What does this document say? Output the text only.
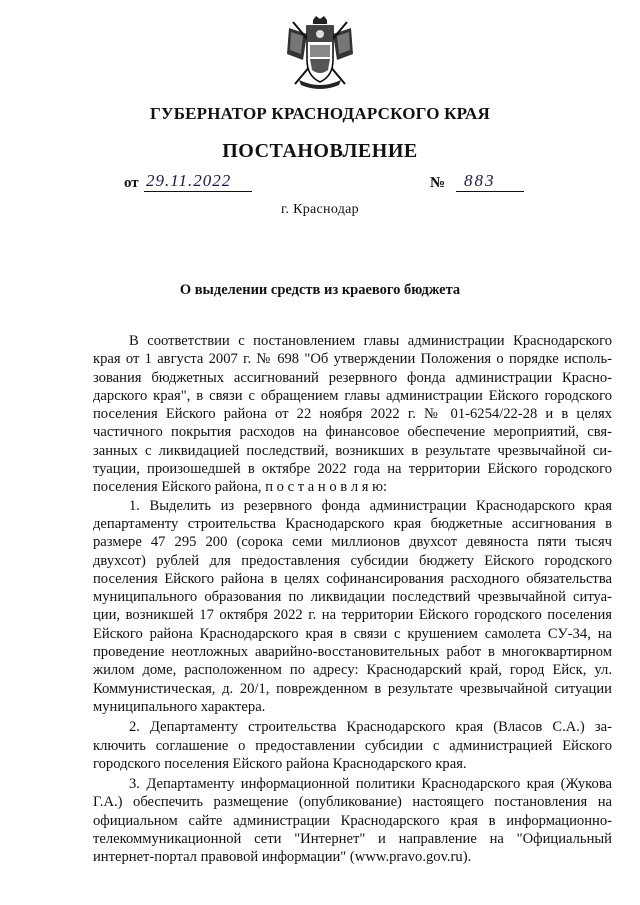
ГУБЕРНАТОР КРАСНОДАРСКОГО КРАЯ
ПОСТАНОВЛЕНИЕ
от 29.11.2022	№	883
г. Краснодар
О выделении средств из краевого бюджета

В соответствии с постановлением главы администрации Краснодарского края от 1 августа 2007 г. № 698 "Об утверждении Положения о порядке использования бюджетных ассигнований резервного фонда администрации Краснодарского края", в связи с обращением главы администрации Ейского городского поселения Ейского района от 22 ноября 2022 г. № 01-6254/22-28 и в целях частичного покрытия расходов на финансовое обеспечение мероприятий, связанных с ликвидацией последствий, возникших в результате чрезвычайной ситуации, произошедшей в октябре 2022 года на территории Ейского городского поселения Ейского района, п о с т а н о в л я ю:

1. Выделить из резервного фонда администрации Краснодарского края департаменту строительства Краснодарского края бюджетные ассигнования в размере 47 295 200 (сорока семи миллионов двухсот девяноста пяти тысяч двухсот) рублей для предоставления субсидии бюджету Ейского городского поселения Ейского района в целях софинансирования расходного обязательства муниципального образования по ликвидации последствий чрезвычайной ситуации, возникшей 17 октября 2022 г. на территории Ейского городского поселения Ейского района Краснодарского края в связи с крушением самолета СУ-34, на проведение неотложных аварийно-восстановительных работ в многоквартирном жилом доме, расположенном по адресу: Краснодарский край, город Ейск, ул. Коммунистическая, д. 20/1, поврежденном в результате чрезвычайной ситуации муниципального характера.

2. Департаменту строительства Краснодарского края (Власов С.А.) заключить соглашение о предоставлении субсидии с администрацией Ейского городского поселения Ейского района Краснодарского края.

3. Департаменту информационной политики Краснодарского края (Жукова Г.А.) обеспечить размещение (опубликование) настоящего постановления на официальном сайте администрации Краснодарского края в информационно-телекоммуникационной сети "Интернет" и направление на "Официальный интернет-портал правовой информации" (www.pravo.gov.ru).
